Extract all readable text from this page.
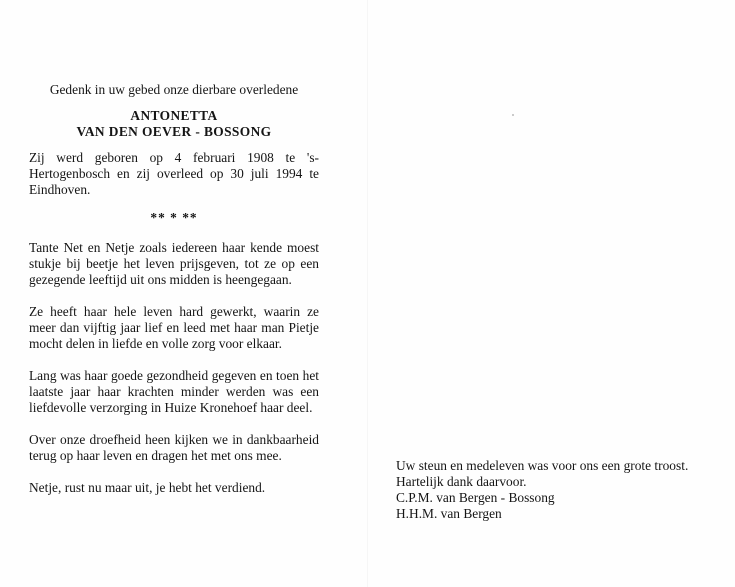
Gedenk in uw gebed onze dierbare overledene

ANTONETTA

VAN DEN OEVER - BOSSONG

Zij werd geboren op 4 februari 1908 te 's-Hertogenbosch en zij overleed op 30 juli 1994 te Eindhoven.

** * **

Tante Net en Netje zoals iedereen haar kende moest stukje bij beetje het leven prijsgeven, tot ze op een gezegende leeftijd uit ons midden is heengegaan.

Ze heeft haar hele leven hard gewerkt, waarin ze meer dan vijftig jaar lief en leed met haar man Pietje mocht delen in liefde en volle zorg voor elkaar.

Lang was haar goede gezondheid gegeven en toen het laatste jaar haar krachten minder werden was een liefdevolle verzorging in Huize Kronehoef haar deel.

Over onze droefheid heen kijken we in dankbaarheid terug op haar leven en dragen het met ons mee.

Netje, rust nu maar uit, je hebt het verdiend.

Uw steun en medeleven was voor ons een grote troost.

Hartelijk dank daarvoor.

C.P.M. van Bergen - Bossong

H.H.M. van Bergen
